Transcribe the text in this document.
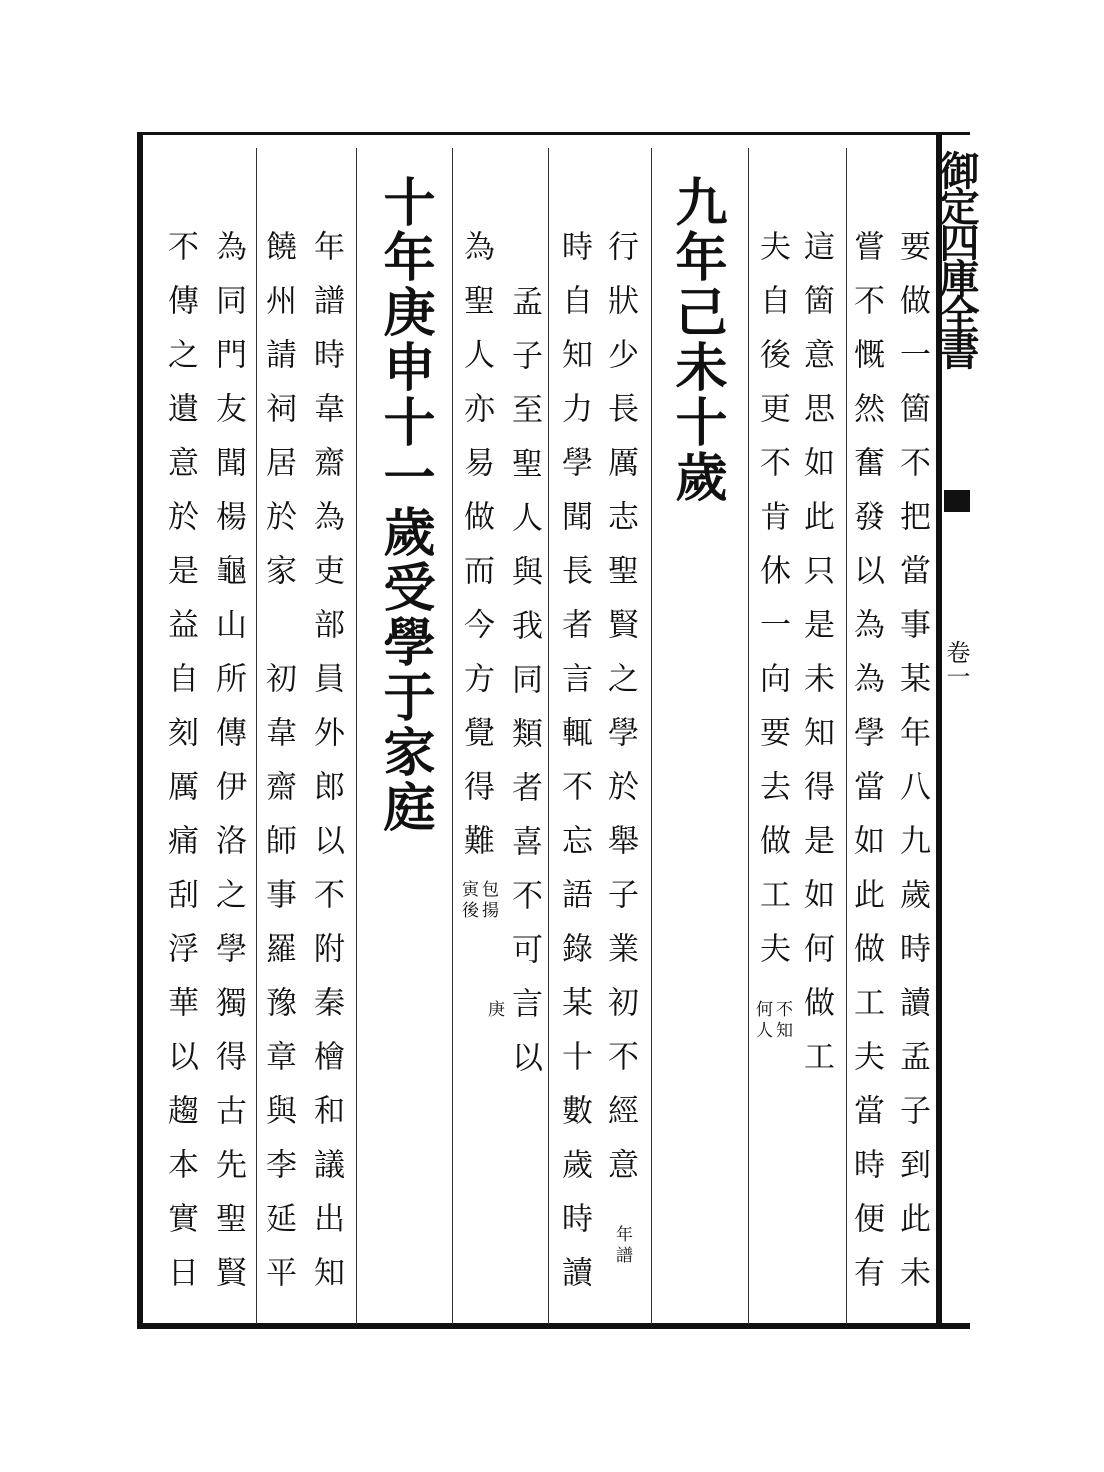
御定四庫全書
卷一
要做一箇不把當事某年八九歲時讀孟子到此未
嘗不慨然奮發以為為學當如此做工夫當時便有
這箇意思如此只是未知得是如何做工
夫自後更不肯休一向要去做工夫
不知
何人
九年己未十歲
行狀少長厲志聖賢之學於舉子業初不經意
年譜
時自知力學聞長者言輒不忘語錄某十數歲時讀
孟子至聖人與我同類者喜不可言以
包揚
寅後
庚
為聖人亦易做而今方覺得難
十年庚申十一歲受學于家庭
年譜時韋齋為吏部員外郎以不附秦檜和議出知
饒州請祠居於家　初韋齋師事羅豫章與李延平
為同門友聞楊龜山所傳伊洛之學獨得古先聖賢
不傳之遺意於是益自刻厲痛刮浮華以趨本實日
